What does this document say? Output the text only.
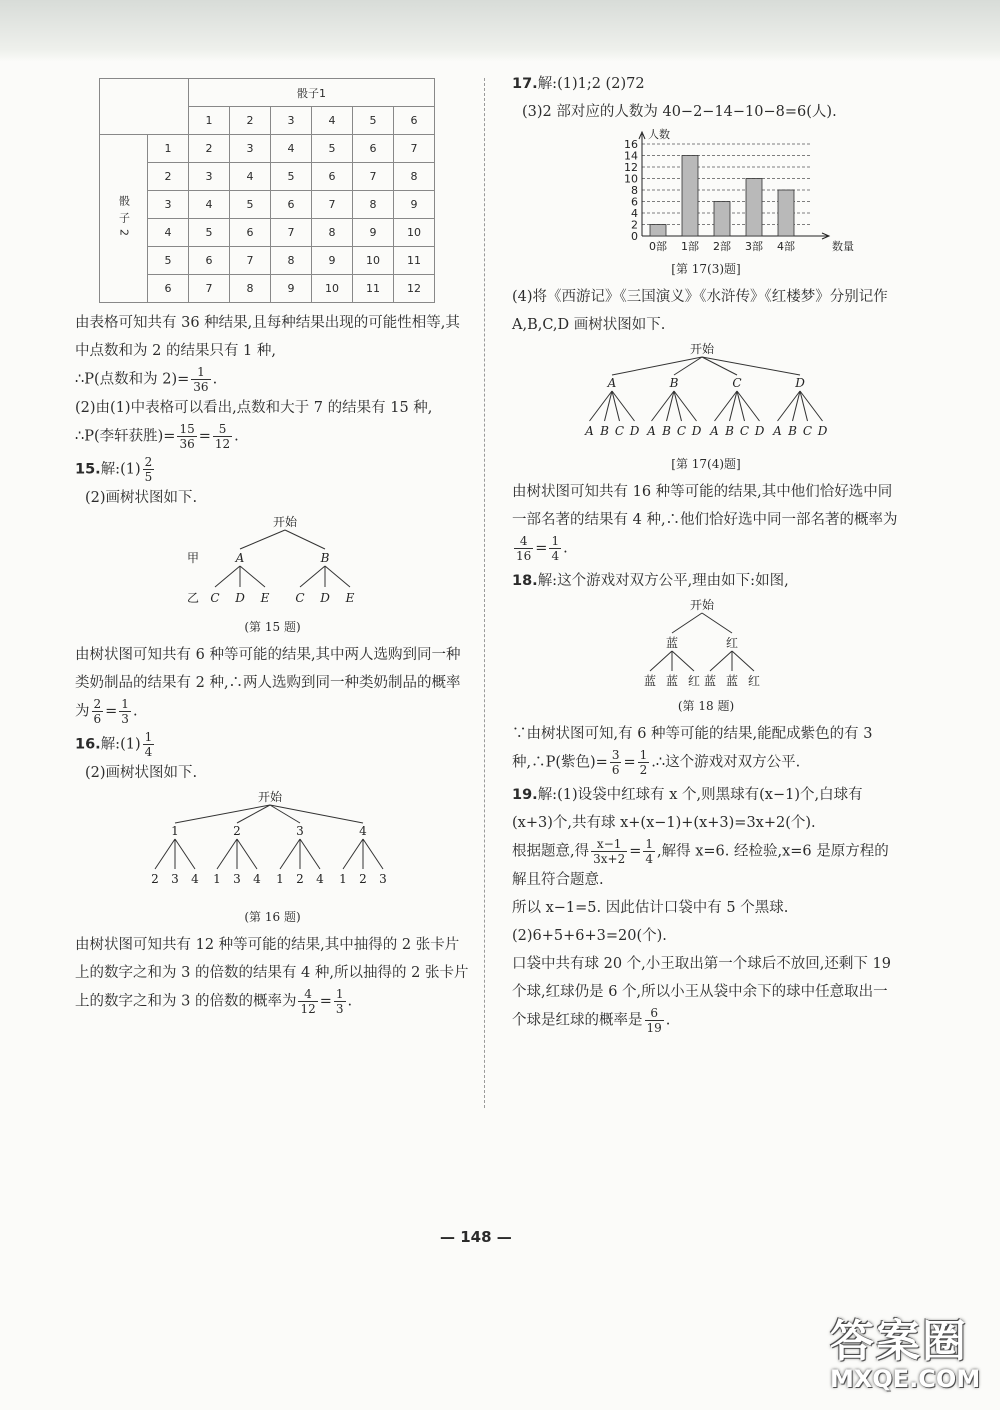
		骰子1					
		1	2	3	4	5	6
骰子2	1	2	3	4	5	6	7
	2	3	4	5	6	7	8
	3	4	5	6	7	8	9
	4	5	6	7	8	9	10
	5	6	7	8	9	10	11
	6	7	8	9	10	11	12

由表格可知共有 36 种结果,且每种结果出现的可能性相等,其中点数和为 2 的结果只有 1 种,

∴P(点数和为 $2)= \frac{1}{36}$ .

(2)由(1)中表格可以看出,点数和大于 7 的结果有 15 种,

∴P(李轩获胜)= $\frac{15}{36} = \frac{5}{12}$ .

15.解:(1) $\frac{2}{5}$

(2)画树状图如下.

开始
甲	A	B
乙 C D E C D E

(第 15 题)

由树状图可知共有 6 种等可能的结果,其中两人选购到同一种类奶制品的结果有 2 种,∴两人选购到同一种类奶制品的概率为 $\frac{2}{6} = \frac{1}{3}$ .

16.解:(1) $\frac{1}{4}$

(2)画树状图如下.

开始
1
2 3 4
2
1 3 4
3
1 2 4
4
1 2 3

(第 16 题)

由树状图可知共有 12 种等可能的结果,其中抽得的 2 张卡片上的数字之和为 3 的倍数的结果有 4 种,所以抽得的 2 张卡片上的数字之和为 3 的倍数的概率为 $\frac{4}{12} = \frac{1}{3}$ .

17.解:(1)1;2 (2)72

(3)2 部对应的人数为 40−2−14−10−8=6(人).

0
2
4
6
8
10
12
14
16
人数
数量
0部 1部 2部 3部 4部

[第 17(3)题]

(4)将《西游记》《三国演义》《水浒传》《红楼梦》分别记作 A,B,C,D 画树状图如下.

开始
A
A B C D
B
A B C D
C
A B C D
D
A B C D

[第 17(4)题]

由树状图可知共有 16 种等可能的结果,其中他们恰好选中同一部名著的结果有 4 种,∴他们恰好选中同一部名著的概率为
$\frac{4}{16} = \frac{1}{4}$ .

18.解:这个游戏对双方公平,理由如下:如图,

开始
蓝	红
蓝 蓝 红 蓝 蓝 红

(第 18 题)

∵由树状图可知,有 6 种等可能的结果,能配成紫色的有 3 种,∴P(紫色)= $\frac{3}{6} = \frac{1}{2}$ .∴这个游戏对双方公平.

19.解:(1)设袋中红球有 x 个,则黑球有(x−1)个,白球有(x+3)个,共有球 x+(x−1)+(x+3)=3x+2(个).

根据题意,得 $\frac{x-1}{3x+2} = \frac{1}{4}$ ,解得 x=6. 经检验,x=6 是原方程的解且符合题意.

所以 x−1=5. 因此估计口袋中有 5 个黑球.

(2)6+5+6+3=20(个).

口袋中共有球 20 个,小王取出第一个球后不放回,还剩下 19 个球,红球仍是 6 个,所以小王从袋中余下的球中任意取出一个球是红球的概率是 $\frac{6}{19}$ .

— 148 —
答案圈
MXQE.COM
